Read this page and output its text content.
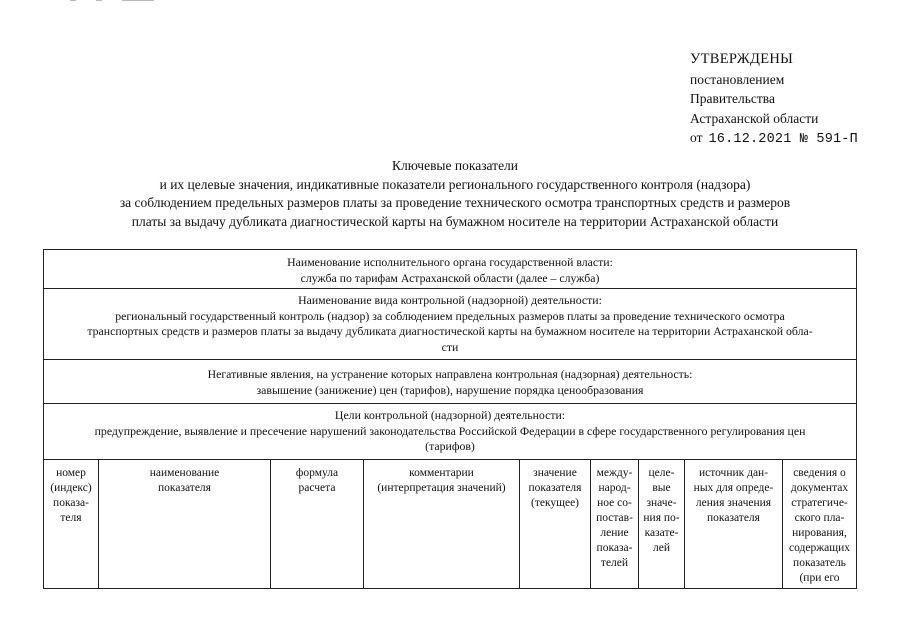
УТВЕРЖДЕНЫ
постановлением
Правительства
Астраханской области
от 16.12.2021 № 591-П
Ключевые показатели
и их целевые значения, индикативные показатели регионального государственного контроля (надзора)
за соблюдением предельных размеров платы за проведение технического осмотра транспортных средств и размеров
платы за выдачу дубликата диагностической карты на бумажном носителе на территории Астраханской области
Наименование исполнительного органа государственной власти:
служба по тарифам Астраханской области (далее – служба)
Наименование вида контрольной (надзорной) деятельности:
региональный государственный контроль (надзор) за соблюдением предельных размеров платы за проведение технического осмотра
транспортных средств и размеров платы за выдачу дубликата диагностической карты на бумажном носителе на территории Астраханской обла-
сти
Негативные явления, на устранение которых направлена контрольная (надзорная) деятельность:
завышение (занижение) цен (тарифов), нарушение порядка ценообразования
Цели контрольной (надзорной) деятельности:
предупреждение, выявление и пресечение нарушений законодательства Российской Федерации в сфере государственного регулирования цен
(тарифов)
номер
(индекс)
показа-
теля
наименование
показателя
формула
расчета
комментарии
(интерпретация значений)
значение
показателя
(текущее)
между-
народ-
ное со-
постав-
ление
показа-
телей
целе-
вые
значе-
ния по-
казате-
лей
источник дан-
ных для опреде-
ления значения
показателя
сведения о
документах
стратегиче-
ского пла-
нирования,
содержащих
показатель
(при его
